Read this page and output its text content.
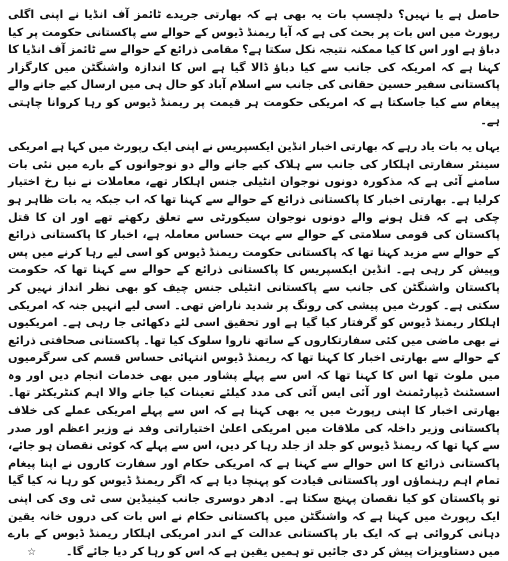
حاصل ہے یا نہیں؟ دلچسپ بات یہ بھی ہے کہ بھارتی جریدے ٹائمز آف انڈیا نے اپنی اگلی رپورٹ میں اس بات پر بحث کی ہے کہ آیا ریمنڈ ڈیوس کے حوالے سے پاکستانی حکومت پر کیا دباؤ ہے اور اس کا کیا ممکنہ نتیجہ نکل سکتا ہے؟ مقامی ذرائع کے حوالے سے ٹائمز آف انڈیا کا کہنا ہے کہ امریکہ کی جانب سے کیا دباؤ ڈالا گیا ہے اس کا اندازہ واشنگٹن میں کارگزار پاکستانی سفیر حسین حقانی کی جانب سے اسلام آباد کو حال ہی میں ارسال کیے جانے والے پیغام سے کیا جاسکتا ہے کہ امریکی حکومت ہر قیمت پر ریمنڈ ڈیوس کو رہا کروانا چاہتی ہے۔

یہاں یہ بات یاد رہے کہ بھارتی اخبار انڈین ایکسپریس نے اپنی ایک رپورٹ میں کہا ہے امریکی سینئر سفارتی اہلکار کی جانب سے ہلاک کیے جانے والے دو نوجوانوں کے بارے میں نئی بات سامنے آئی ہے کہ مذکورہ دونوں نوجوان انٹیلی جنس اہلکار تھے، معاملات نے نیا رخ اختیار کرلیا ہے۔ بھارتی اخبار کا پاکستانی ذرائع کے حوالے سے کہنا تھا کہ اب جبکہ یہ بات ظاہر ہو چکی ہے کہ قتل ہونے والے دونوں نوجوان سیکورٹی سے تعلق رکھتے تھے اور ان کا قتل پاکستان کی قومی سلامتی کے حوالے سے بہت حساس معاملہ ہے، اخبار کا پاکستانی ذرائع کے حوالے سے مزید کہنا تھا کہ پاکستانی حکومت ریمنڈ ڈیوس کو اسی لیے رہا کرنے میں پس وپیش کر رہی ہے۔ انڈین ایکسپریس کا پاکستانی ذرائع کے حوالے سے کہنا تھا کہ حکومت پاکستان واشنگٹن کی جانب سے پاکستانی انٹیلی جنس چیف کو بھی نظر انداز نہیں کر سکتی ہے۔ کورٹ میں پیشی کی رونگ پر شدید ناراض تھی۔ اسی لیے انہیں جنہ کہ امریکی اہلکار ریمنڈ ڈیوس کو گرفتار کیا گیا ہے اور تحقیق اسی لئے دکھائی جا رہی ہے۔ امریکیوں نے بھی ماضی میں کئی سفارتکاروں کے ساتھ ناروا سلوک کیا تھا۔ پاکستانی صحافتی ذرائع کے حوالے سے بھارتی اخبار کا کہنا تھا کہ ریمنڈ ڈیوس انتہائی حساس قسم کی سرگرمیوں میں ملوث تھا اس کا کہنا تھا کہ اس سے پہلے پشاور میں بھی خدمات انجام دیں اور وہ اسسٹنٹ ڈیپارٹمنٹ اور آئی ایس آئی کی مدد کیلئے تعینات کیا جانے والا اہم کنٹریکٹر تھا۔ بھارتی اخبار کا اپنی رپورٹ میں یہ بھی کہنا ہے کہ اس سے پہلے امریکی عملے کی خلاف پاکستانی وزیر داخلہ کی ملاقات میں امریکی اعلیٰ اختیاراتی وفد نے وزیر اعظم اور صدر سے کہا تھا کہ ریمنڈ ڈیوس کو جلد از جلد رہا کر دیں، اس سے پہلے کہ کوئی نقصان ہو جائے، پاکستانی ذرائع کا اس حوالے سے کہنا ہے کہ امریکی حکام اور سفارت کاروں نے اپنا پیغام تمام اہم رہنماؤں اور پاکستانی قیادت کو پہنچا دیا ہے کہ اگر ریمنڈ ڈیوس کو رہا نہ کیا گیا تو پاکستان کو کیا نقصان پہنچ سکتا ہے۔ ادھر دوسری جانب کینیڈین سی ٹی وی کی اپنی ایک رپورٹ میں کہنا ہے کہ واشنگٹن میں پاکستانی حکام نے اس بات کی دروں خانہ یقین دہانی کروائی ہے کہ ایک بار پاکستانی عدالت کے اندر امریکی اہلکار ریمنڈ ڈیوس کے بارے میں دستاویزات پیش کر دی جائیں تو ہمیں یقین ہے کہ اس کو رہا کر دیا جائے گا۔☆
